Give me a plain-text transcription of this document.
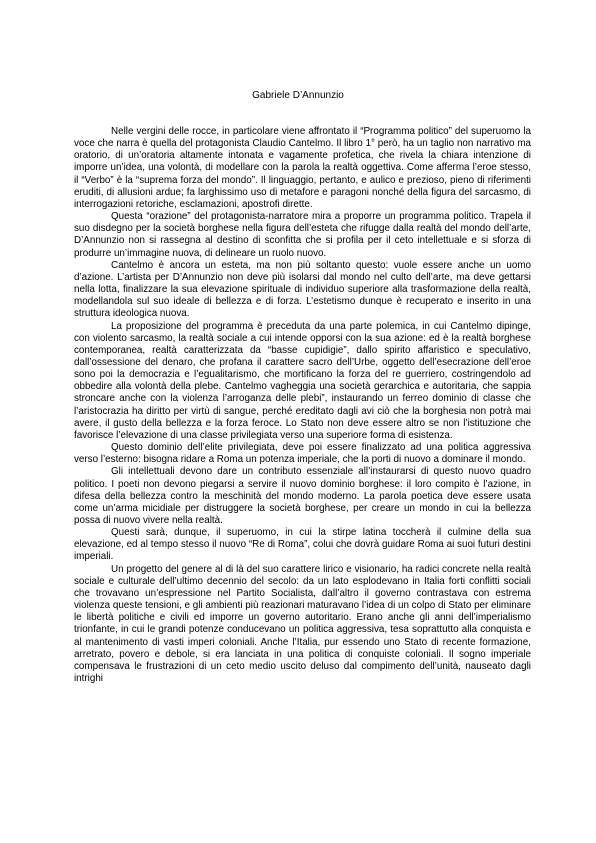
Gabriele D’Annunzio

Nelle vergini delle rocce, in particolare viene affrontato il “Programma politico” del superuomo la voce che narra è quella del protagonista Claudio Cantelmo. Il libro 1° però, ha un taglio non narrativo ma oratorio, di un’oratoria altamente intonata e vagamente profetica, che rivela la chiara intenzione di imporre un’idea, una volontà, di modellare con la parola la realtà oggettiva. Come afferma l’eroe stesso, il “Verbo” è la “suprema forza del mondo”. Il linguaggio, pertanto, e aulico e prezioso, pieno di riferimenti eruditi, di allusioni ardue; fa larghissimo uso di metafore e paragoni nonché della figura del sarcasmo, di interrogazioni retoriche, esclamazioni, apostrofi dirette.

Questa “orazione” del protagonista-narratore mira a proporre un programma politico. Trapela il suo disdegno per la società borghese nella figura dell’esteta che rifugge dalla realtà del mondo dell’arte, D’Annunzio non si rassegna al destino di sconfitta che si profila per il ceto intellettuale e si sforza di produrre un’immagine nuova, di delineare un ruolo nuovo.

Cantelmo è ancora un esteta, ma non più soltanto questo: vuole essere anche un uomo d’azione. L’artista per D’Annunzio non deve più isolarsi dal mondo nel culto dell’arte, ma deve gettarsi nella lotta, finalizzare la sua elevazione spirituale di individuo superiore alla trasformazione della realtà, modellandola sul suo ideale di bellezza e di forza. L’estetismo dunque è recuperato e inserito in una struttura ideologica nuova.

La proposizione del programma è preceduta da una parte polemica, in cui Cantelmo dipinge, con violento sarcasmo, la realtà sociale a cui intende opporsi con la sua azione: ed è la realtà borghese contemporanea, realtà caratterizzata da “basse cupidigie”, dallo spirito affaristico e speculativo, dall’ossessione del denaro, che profana il carattere sacro dell’Urbe, oggetto dell’esecrazione dell’eroe sono poi la democrazia e l’egualitarismo, che mortificano la forza del re guerriero, costringendolo ad obbedire alla volontà della plebe. Cantelmo vagheggia una società gerarchica e autoritaria, che sappia stroncare anche con la violenza l’arroganza delle plebi”, instaurando un ferreo dominio di classe che l’aristocrazia ha diritto per virtù di sangue, perché ereditato dagli avi ciò che la borghesia non potrà mai avere, il gusto della bellezza e la forza feroce. Lo Stato non deve essere altro se non l’istituzione che favorisce l’elevazione di una classe privilegiata verso una superiore forma di esistenza.

Questo dominio dell’elite privilegiata, deve poi essere finalizzato ad una politica aggressiva verso l’esterno: bisogna ridare a Roma un potenza imperiale, che la porti di nuovo a dominare il mondo.

Gli intellettuali devono dare un contributo essenziale all’instaurarsi di questo nuovo quadro politico. I poeti non devono piegarsi a servire il nuovo dominio borghese: il loro compito è l’azione, in difesa della bellezza contro la meschinità del mondo moderno. La parola poetica deve essere usata come un’arma micidiale per distruggere la società borghese, per creare un mondo in cui la bellezza possa di nuovo vivere nella realtà.

Questi sarà, dunque, il superuomo, in cui la stirpe latina toccherà il culmine della sua elevazione, ed al tempo stesso il nuovo “Re di Roma”, colui che dovrà guidare Roma ai suoi futuri destini imperiali.

Un progetto del genere al di là del suo carattere lirico e visionario, ha radici concrete nella realtà sociale e culturale dell’ultimo decennio del secolo: da un lato esplodevano in Italia forti conflitti sociali che trovavano un’espressione nel Partito Socialista, dall’altro il governo contrastava con estrema violenza queste tensioni, e gli ambienti più reazionari maturavano l’idea di un colpo di Stato per eliminare le libertà politiche e civili ed imporre un governo autoritario. Erano anche gli anni dell’imperialismo trionfante, in cui le grandi potenze conducevano un politica aggressiva, tesa soprattutto alla conquista e al mantenimento di vasti imperi coloniali. Anche l’Italia, pur essendo uno Stato di recente formazione, arretrato, povero e debole, si era lanciata in una politica di conquiste coloniali. Il sogno imperiale compensava le frustrazioni di un ceto medio uscito deluso dal compimento dell’unità, nauseato dagli intrighi
